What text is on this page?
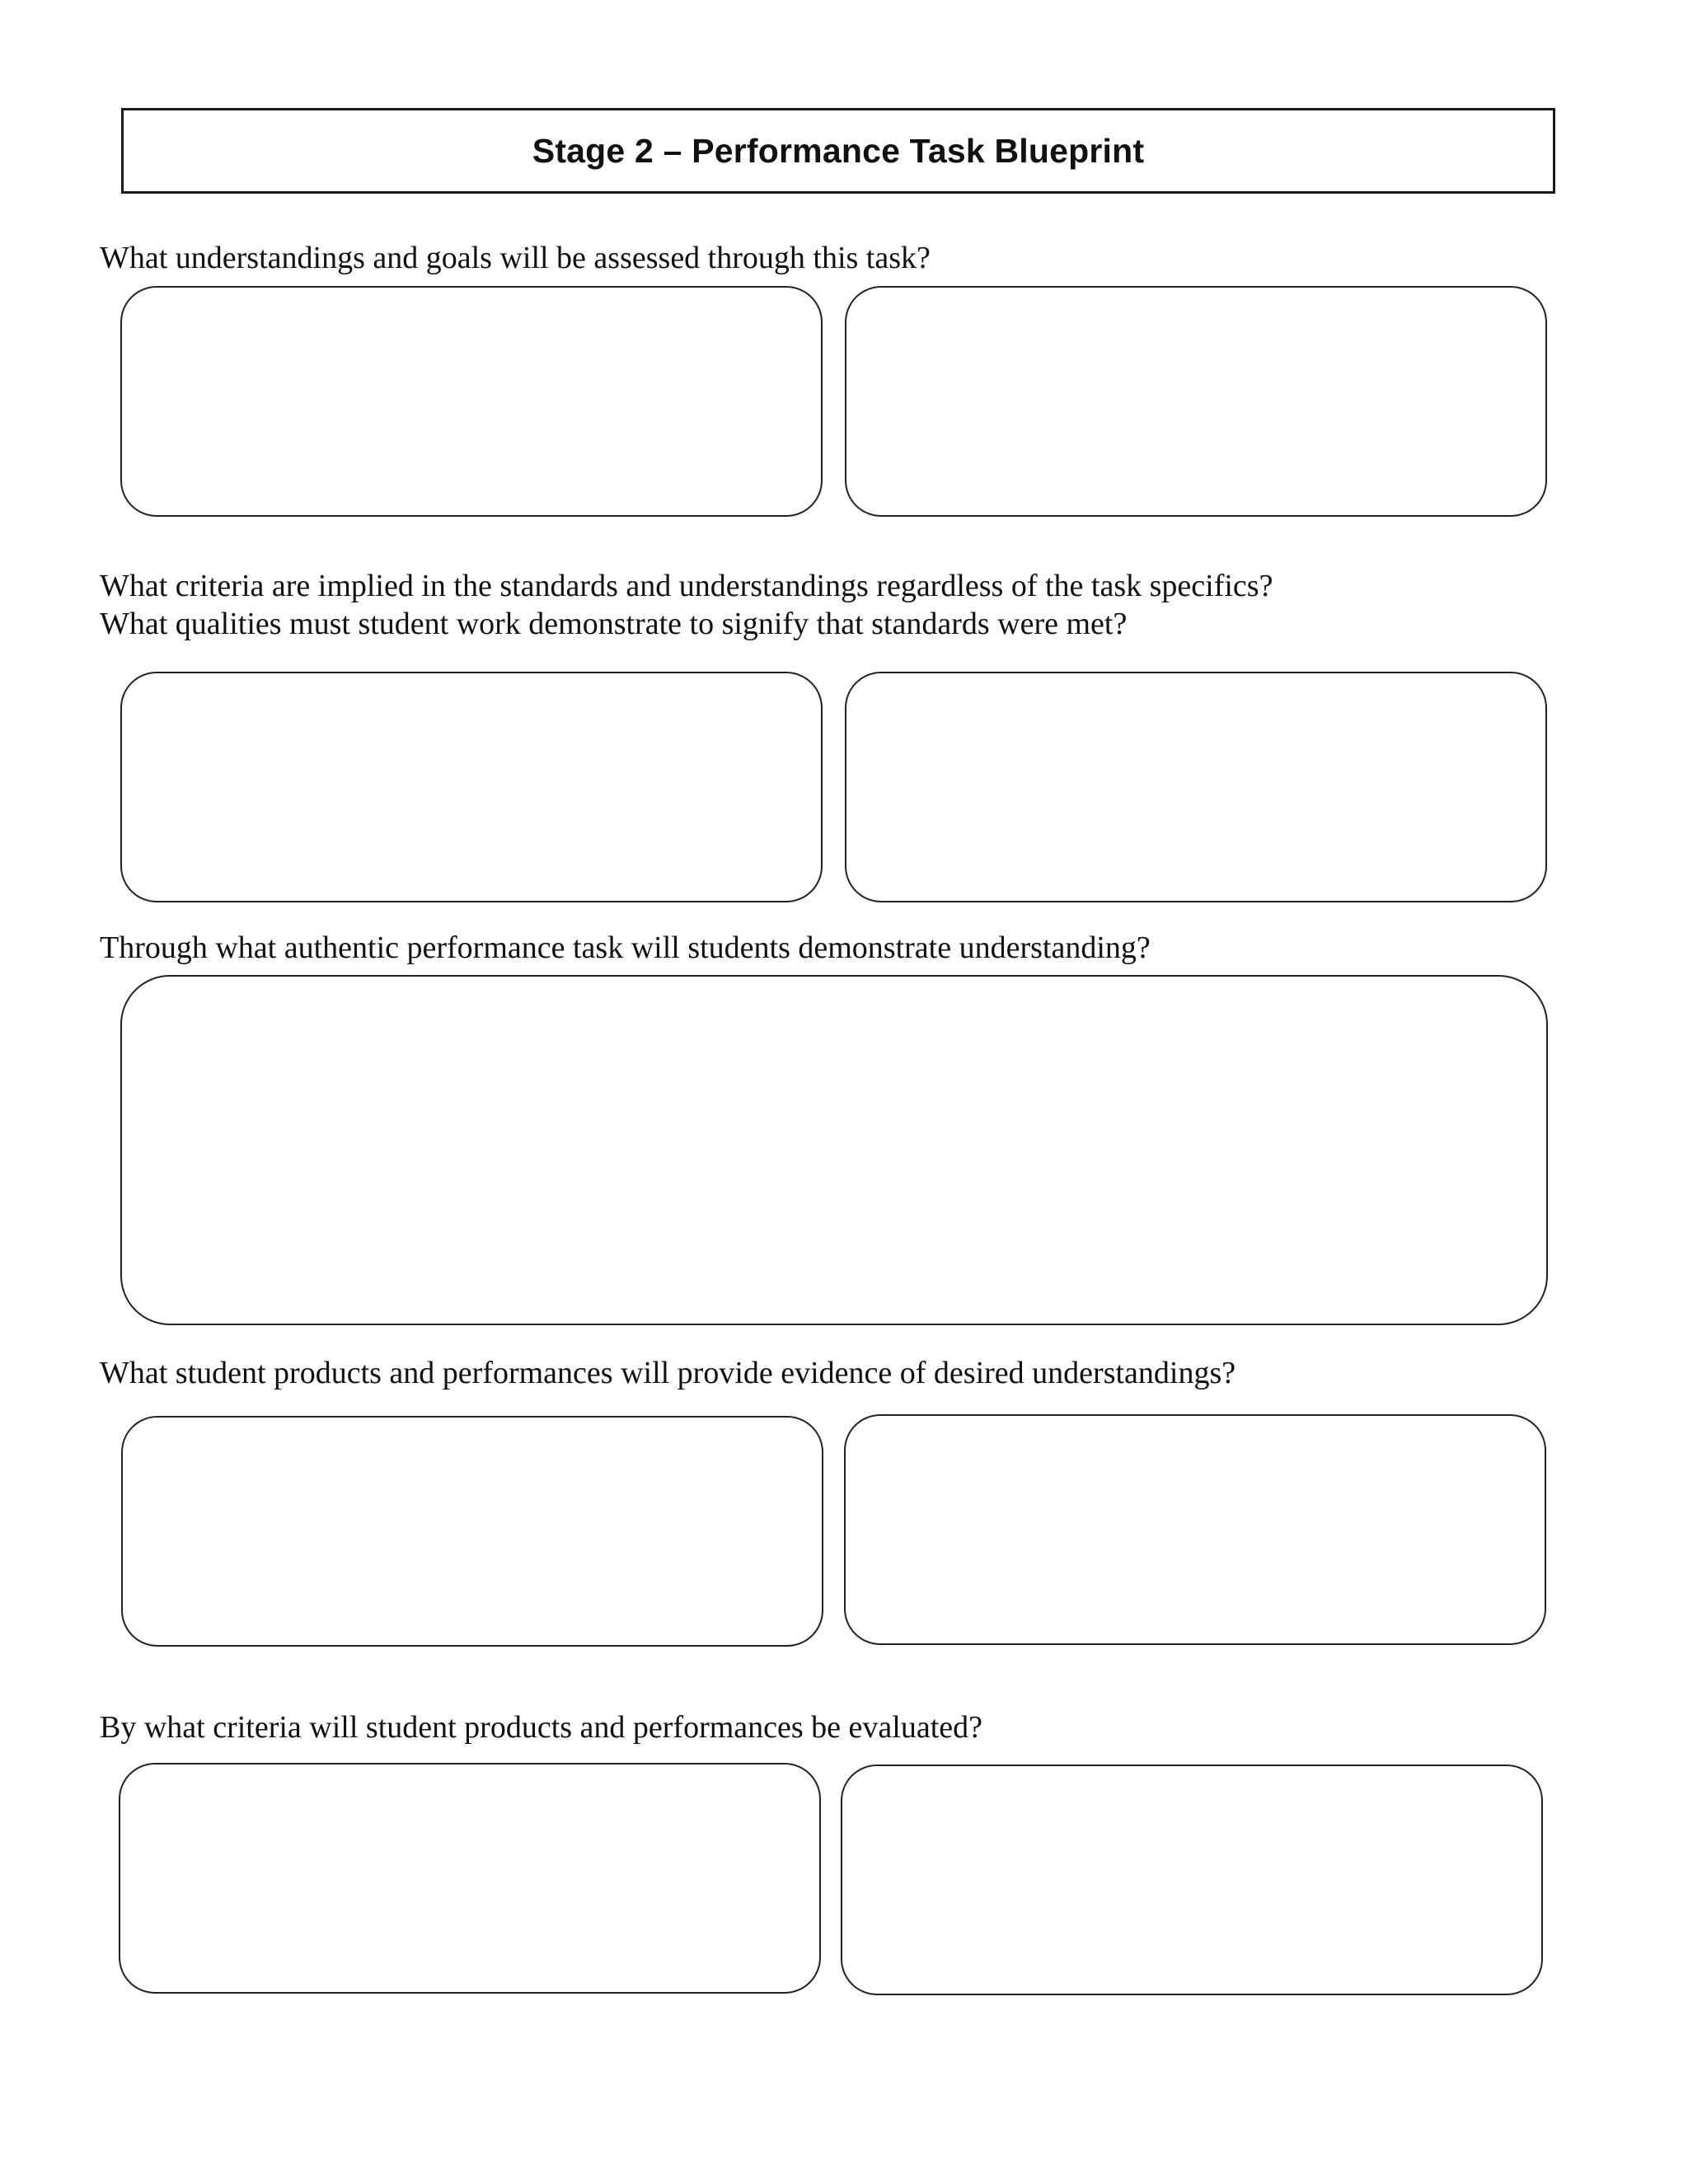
Stage 2 – Performance Task Blueprint
What understandings and goals will be assessed through this task?
What criteria are implied in the standards and understandings regardless of the task specifics?
What qualities must student work demonstrate to signify that standards were met?
Through what authentic performance task will students demonstrate understanding?
What student products and performances will provide evidence of desired understandings?
By what criteria will student products and performances be evaluated?
